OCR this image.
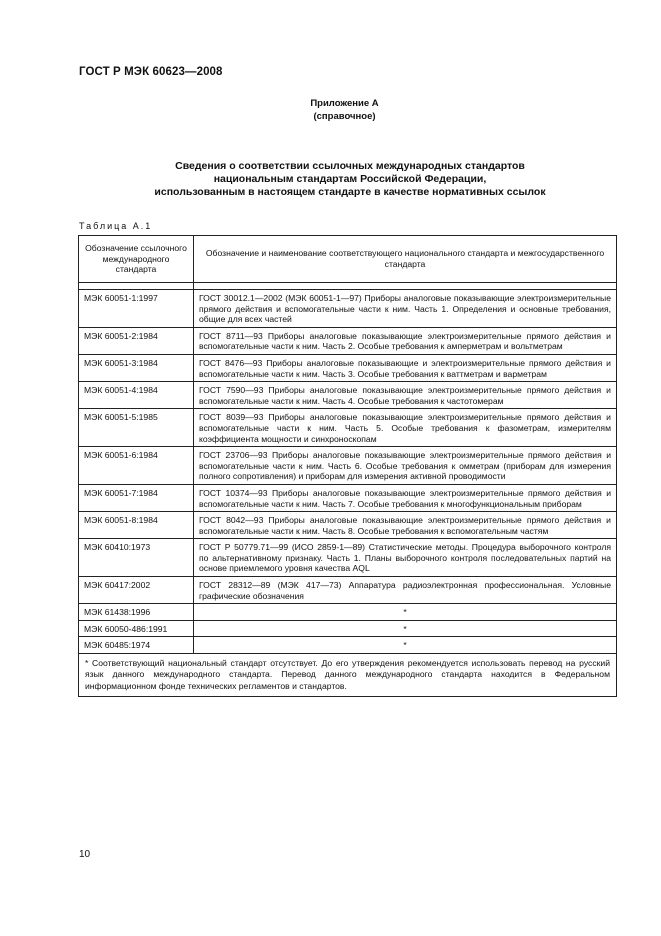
ГОСТ Р МЭК 60623—2008
Приложение А
(справочное)
Сведения о соответствии ссылочных международных стандартов
национальным стандартам Российской Федерации,
использованным в настоящем стандарте в качестве нормативных ссылок
Таблица А.1
Обозначение ссылочного международного стандарта	Обозначение и наименование соответствующего национального стандарта и межгосударственного стандарта

МЭК 60051-1:1997	ГОСТ 30012.1—2002 (МЭК 60051-1—97) Приборы аналоговые показывающие электроизмерительные прямого действия и вспомогательные части к ним. Часть 1. Определения и основные требования, общие для всех частей
МЭК 60051-2:1984	ГОСТ 8711—93 Приборы аналоговые показывающие электроизмерительные прямого действия и вспомогательные части к ним. Часть 2. Особые требования к амперметрам и вольтметрам
МЭК 60051-3:1984	ГОСТ 8476—93 Приборы аналоговые показывающие и электроизмерительные прямого действия и вспомогательные части к ним. Часть 3. Особые требования к ваттметрам и варметрам
МЭК 60051-4:1984	ГОСТ 7590—93 Приборы аналоговые показывающие электроизмерительные прямого действия и вспомогательные части к ним. Часть 4. Особые требования к частотомерам
МЭК 60051-5:1985	ГОСТ 8039—93 Приборы аналоговые показывающие электроизмерительные прямого действия и вспомогательные части к ним. Часть 5. Особые требования к фазометрам, измерителям коэффициента мощности и синхроноскопам
МЭК 60051-6:1984	ГОСТ 23706—93 Приборы аналоговые показывающие электроизмерительные прямого действия и вспомогательные части к ним. Часть 6. Особые требования к омметрам (приборам для измерения полного сопротивления) и приборам для измерения активной проводимости
МЭК 60051-7:1984	ГОСТ 10374—93 Приборы аналоговые показывающие электроизмерительные прямого действия и вспомогательные части к ним. Часть 7. Особые требования к многофункциональным приборам
МЭК 60051-8:1984	ГОСТ 8042—93 Приборы аналоговые показывающие электроизмерительные прямого действия и вспомогательные части к ним. Часть 8. Особые требования к вспомогательным частям
МЭК 60410:1973	ГОСТ Р 50779.71—99 (ИСО 2859-1—89) Статистические методы. Процедура выборочного контроля по альтернативному признаку. Часть 1. Планы выборочного контроля последовательных партий на основе приемлемого уровня качества AQL
МЭК 60417:2002	ГОСТ 28312—89 (МЭК 417—73) Аппаратура радиоэлектронная профессиональная. Условные графические обозначения
МЭК 61438:1996	*
МЭК 60050-486:1991	*
МЭК 60485:1974	*
* Соответствующий национальный стандарт отсутствует. До его утверждения рекомендуется использовать перевод на русский язык данного международного стандарта. Перевод данного международного стандарта находится в Федеральном информационном фонде технических регламентов и стандартов.	
10
